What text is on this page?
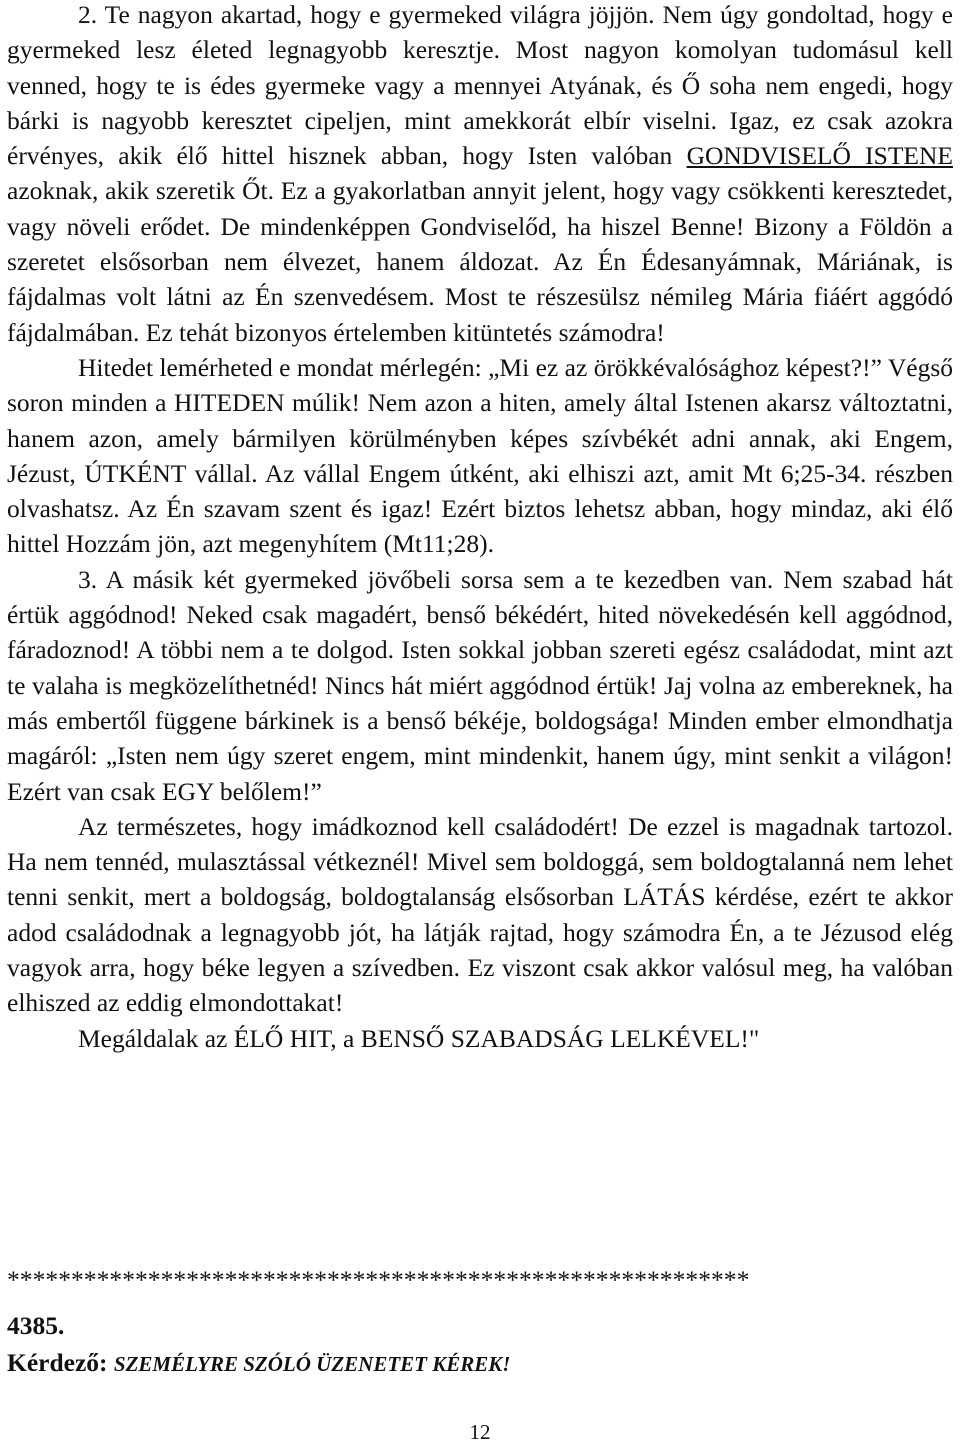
2. Te nagyon akartad, hogy e gyermeked világra jöjjön. Nem úgy gondoltad, hogy e gyermeked lesz életed legnagyobb keresztje. Most nagyon komolyan tudomásul kell venned, hogy te is édes gyermeke vagy a mennyei Atyának, és Ő soha nem engedi, hogy bárki is nagyobb keresztet cipeljen, mint amekkorát elbír viselni. Igaz, ez csak azokra érvényes, akik élő hittel hisznek abban, hogy Isten valóban GONDVISELŐ ISTENE azoknak, akik szeretik Őt. Ez a gyakorlatban annyit jelent, hogy vagy csökkenti keresztedet, vagy növeli erődet. De mindenképpen Gondviselőd, ha hiszel Benne! Bizony a Földön a szeretet elsősorban nem élvezet, hanem áldozat. Az Én Édesanyámnak, Máriának, is fájdalmas volt látni az Én szenvedésem. Most te részesülsz némileg Mária fiáért aggódó fájdalmában. Ez tehát bizonyos értelemben kitüntetés számodra!

Hitedet lemérheted e mondat mérlegén: „Mi ez az örökkévalósághoz képest?!” Végső soron minden a HITEDEN múlik! Nem azon a hiten, amely által Istenen akarsz változtatni, hanem azon, amely bármilyen körülményben képes szívbékét adni annak, aki Engem, Jézust, ÚTKÉNT vállal. Az vállal Engem útként, aki elhiszi azt, amit Mt 6;25-34. részben olvashatsz. Az Én szavam szent és igaz! Ezért biztos lehetsz abban, hogy mindaz, aki élő hittel Hozzám jön, azt megenyhítem (Mt11;28).

3. A másik két gyermeked jövőbeli sorsa sem a te kezedben van. Nem szabad hát értük aggódnod! Neked csak magadért, benső békédért, hited növekedésén kell aggódnod, fáradoznod! A többi nem a te dolgod. Isten sokkal jobban szereti egész családodat, mint azt te valaha is megközelíthetnéd! Nincs hát miért aggódnod értük! Jaj volna az embereknek, ha más embertől függene bárkinek is a benső békéje, boldogsága! Minden ember elmondhatja magáról: „Isten nem úgy szeret engem, mint mindenkit, hanem úgy, mint senkit a világon! Ezért van csak EGY belőlem!”

Az természetes, hogy imádkoznod kell családodért! De ezzel is magadnak tartozol. Ha nem tennéd, mulasztással vétkeznél! Mivel sem boldoggá, sem boldogtalanná nem lehet tenni senkit, mert a boldogság, boldogtalanság elsősorban LÁTÁS kérdése, ezért te akkor adod családodnak a legnagyobb jót, ha látják rajtad, hogy számodra Én, a te Jézusod elég vagyok arra, hogy béke legyen a szívedben. Ez viszont csak akkor valósul meg, ha valóban elhiszed az eddig elmondottakat!

Megáldalak az ÉLŐ HIT, a BENSŐ SZABADSÁG LELKÉVEL!"

**********************************************************
4385.
Kérdező: SZEMÉLYRE SZÓLÓ ÜZENETET KÉREK!
12
